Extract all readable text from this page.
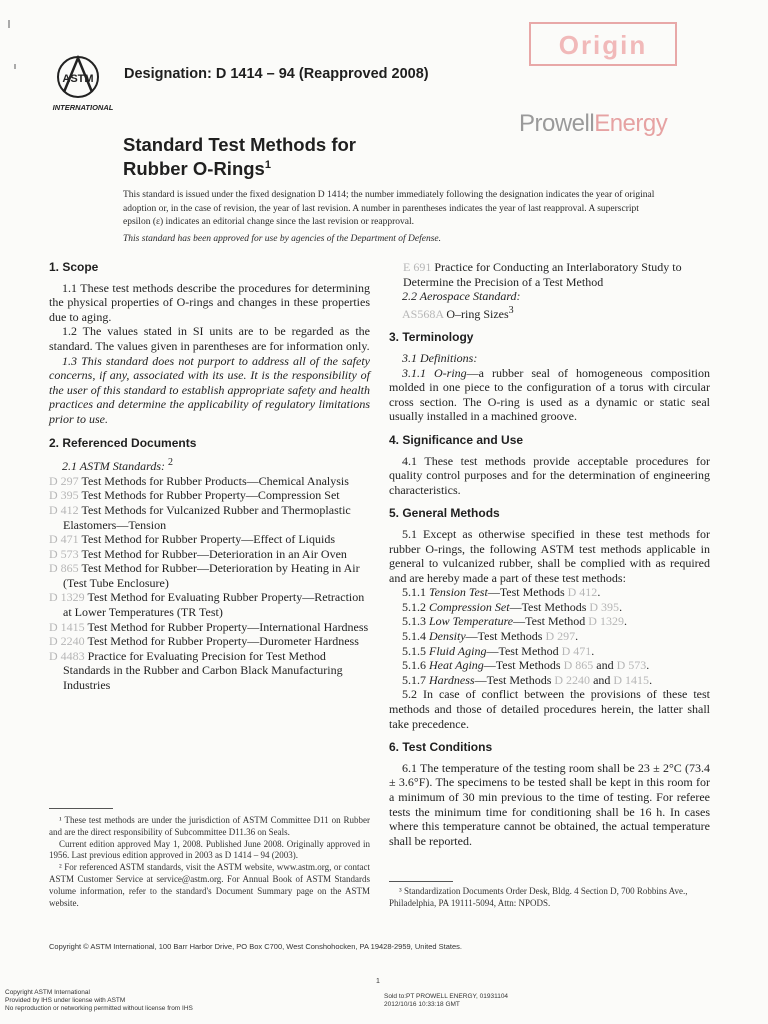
ASTM
INTERNATIONAL
Designation: D 1414 – 94 (Reapproved 2008)
Origin
ProwellEnergy
Standard Test Methods for
Rubber O-Rings$^1$
This standard is issued under the fixed designation D 1414; the number immediately following the designation indicates the year of original adoption or, in the case of revision, the year of last revision. A number in parentheses indicates the year of last reapproval. A superscript epsilon (ε) indicates an editorial change since the last revision or reapproval.
This standard has been approved for use by agencies of the Department of Defense.
1. Scope

1.1 These test methods describe the procedures for determining the physical properties of O-rings and changes in these properties due to aging.

1.2 The values stated in SI units are to be regarded as the standard. The values given in parentheses are for information only.

1.3 This standard does not purport to address all of the safety concerns, if any, associated with its use. It is the responsibility of the user of this standard to establish appropriate safety and health practices and determine the applicability of regulatory limitations prior to use.

2. Referenced Documents

2.1 ASTM Standards: $^2$

D 297 Test Methods for Rubber Products—Chemical Analysis

D 395 Test Methods for Rubber Property—Compression Set

D 412 Test Methods for Vulcanized Rubber and Thermoplastic Elastomers—Tension

D 471 Test Method for Rubber Property—Effect of Liquids

D 573 Test Method for Rubber—Deterioration in an Air Oven

D 865 Test Method for Rubber—Deterioration by Heating in Air (Test Tube Enclosure)

D 1329 Test Method for Evaluating Rubber Property—Retraction at Lower Temperatures (TR Test)

D 1415 Test Method for Rubber Property—International Hardness

D 2240 Test Method for Rubber Property—Durometer Hardness

D 4483 Practice for Evaluating Precision for Test Method Standards in the Rubber and Carbon Black Manufacturing Industries

E 691 Practice for Conducting an Interlaboratory Study to Determine the Precision of a Test Method

2.2 Aerospace Standard:

AS568A O–ring Sizes$^3$

3. Terminology

3.1 Definitions:

3.1.1 O-ring—a rubber seal of homogeneous composition molded in one piece to the configuration of a torus with circular cross section. The O-ring is used as a dynamic or static seal usually installed in a machined groove.

4. Significance and Use

4.1 These test methods provide acceptable procedures for quality control purposes and for the determination of engineering characteristics.

5. General Methods

5.1 Except as otherwise specified in these test methods for rubber O-rings, the following ASTM test methods applicable in general to vulcanized rubber, shall be complied with as required and are hereby made a part of these test methods:

5.1.1 Tension Test—Test Methods D 412.

5.1.2 Compression Set—Test Methods D 395.

5.1.3 Low Temperature—Test Method D 1329.

5.1.4 Density—Test Methods D 297.

5.1.5 Fluid Aging—Test Method D 471.

5.1.6 Heat Aging—Test Methods D 865 and D 573.

5.1.7 Hardness—Test Methods D 2240 and D 1415.

5.2 In case of conflict between the provisions of these test methods and those of detailed procedures herein, the latter shall take precedence.

6. Test Conditions

6.1 The temperature of the testing room shall be 23 ± 2°C (73.4 ± 3.6°F). The specimens to be tested shall be kept in this room for a minimum of 30 min previous to the time of testing. For referee tests the minimum time for conditioning shall be 16 h. In cases where this temperature cannot be obtained, the actual temperature shall be reported.

¹ These test methods are under the jurisdiction of ASTM Committee D11 on Rubber and are the direct responsibility of Subcommittee D11.36 on Seals.

Current edition approved May 1, 2008. Published June 2008. Originally approved in 1956. Last previous edition approved in 2003 as D 1414 – 94 (2003).

² For referenced ASTM standards, visit the ASTM website, www.astm.org, or contact ASTM Customer Service at service@astm.org. For Annual Book of ASTM Standards volume information, refer to the standard's Document Summary page on the ASTM website.

³ Standardization Documents Order Desk, Bldg. 4 Section D, 700 Robbins Ave., Philadelphia, PA 19111-5094, Attn: NPODS.

Copyright © ASTM International, 100 Barr Harbor Drive, PO Box C700, West Conshohocken, PA 19428-2959, United States.
1
Copyright ASTM International
Provided by IHS under license with ASTM
No reproduction or networking permitted without license from IHS
Sold to:PT PROWELL ENERGY, 01931104
2012/10/16 10:33:18 GMT
